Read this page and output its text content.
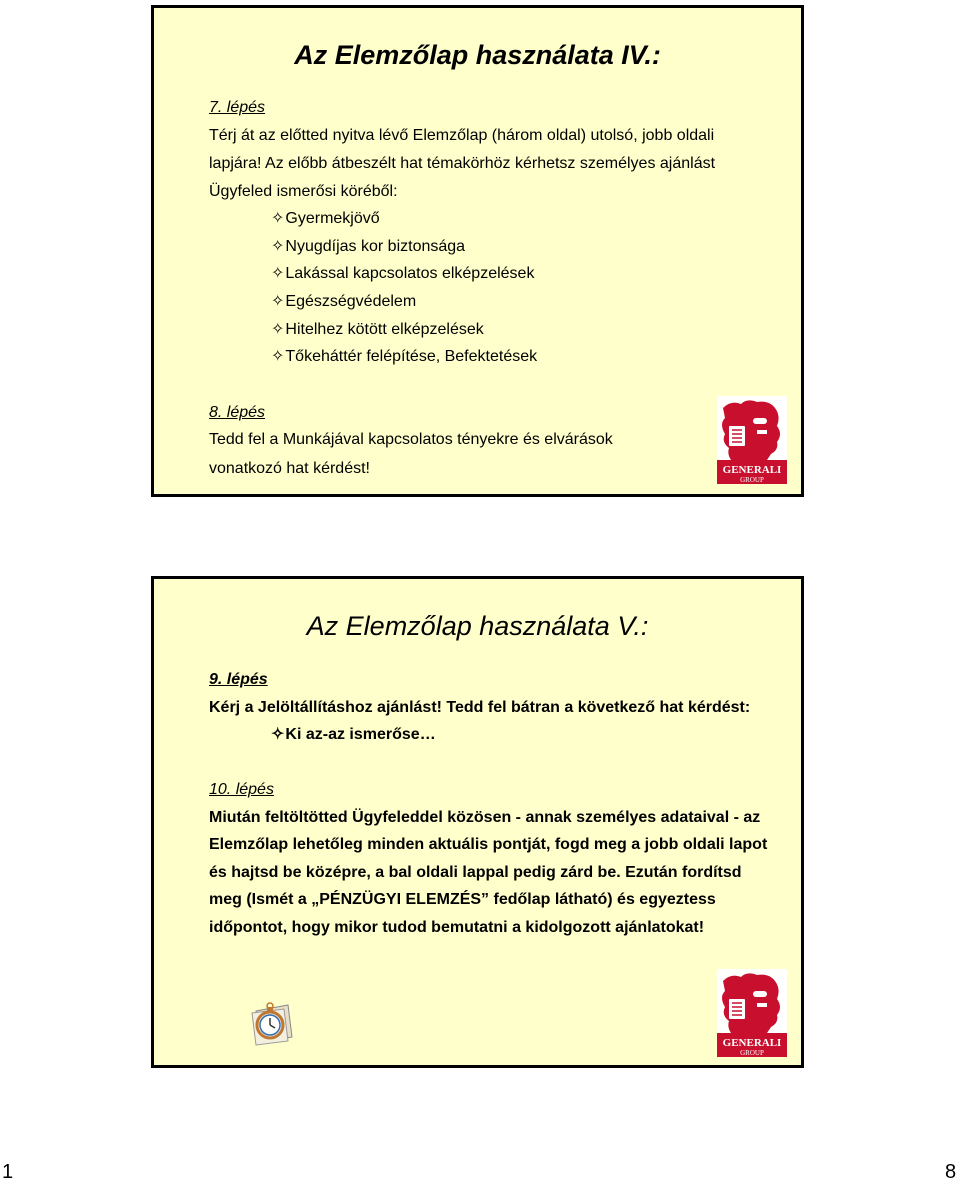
Az Elemzőlap használata IV.:
7. lépés
Térj át az előtted nyitva lévő Elemzőlap (három oldal) utolsó, jobb oldali
lapjára! Az előbb átbeszélt hat témakörhöz kérhetsz személyes ajánlást
Ügyfeled ismerősi köréből:
✧ Gyermekjövő
✧ Nyugdíjas kor biztonsága
✧ Lakással kapcsolatos elképzelések
✧ Egészségvédelem
✧ Hitelhez kötött elképzelések
✧ Tőkeháttér felépítése, Befektetések
8. lépés
Tedd fel a Munkájával kapcsolatos tényekre és elvárások
vonatkozó hat kérdést!	GENERALI
GROUP
Az Elemzőlap használata V.:
9. lépés
Kérj a Jelöltállításhoz ajánlást! Tedd fel bátran a következő hat kérdést:
✧ Ki az-az ismerőse…
10. lépés
Miután feltöltötted Ügyfeleddel közösen - annak személyes adataival - az
Elemzőlap lehetőleg minden aktuális pontját, fogd meg a jobb oldali lapot
és hajtsd be középre, a bal oldali lappal pedig zárd be. Ezután fordítsd
meg (Ismét a „PÉNZÜGYI ELEMZÉS” fedőlap látható) és egyeztess
időpontot, hogy mikor tudod bemutatni a kidolgozott ajánlatokat!
GENERALI
GROUP
1	8
